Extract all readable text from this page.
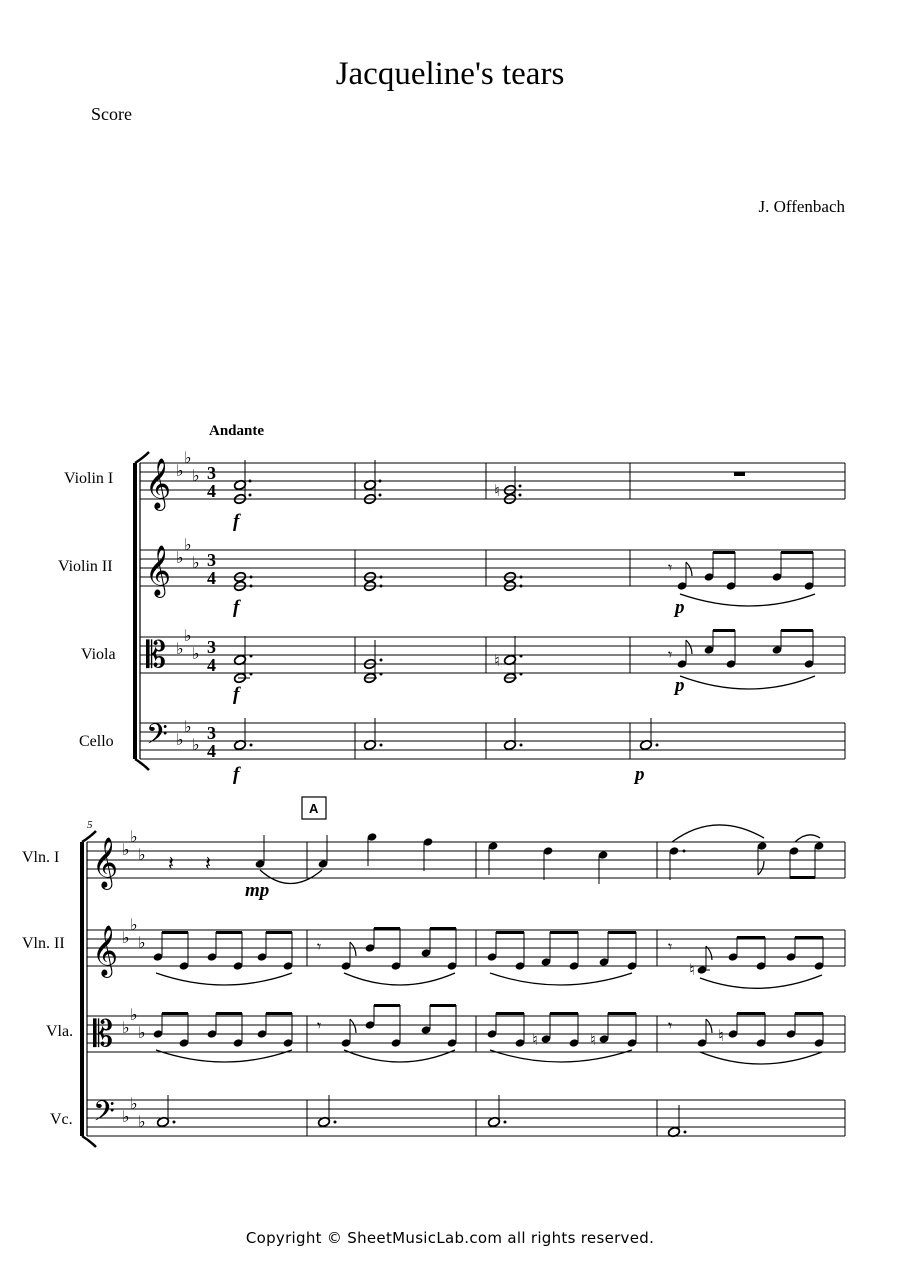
Jacqueline's tears
Score
J. Offenbach
Andante
Violin I
Violin II
Viola
Cello
𝄞
𝄞
𝄡
𝄢
♭
♭
♭
♭
♭
♭
♭
♭
♭
♭
♭
♭
3
4
3
4
3
4
3
4
♮
𝄾
♮	𝄾
f
f
f
f
p
p
p
5
A
Vln. I
Vln. II
Vla.
Vc.
𝄞
𝄞
𝄡
𝄢
♭
♭
♭
♭
♭
♭
♭
♭
♭
♭
♭
♭
𝄽 𝄽
𝄾	𝄾
♮
𝄾
♮	♮
𝄾
♮
mp
Copyright © SheetMusicLab.com all rights reserved.
